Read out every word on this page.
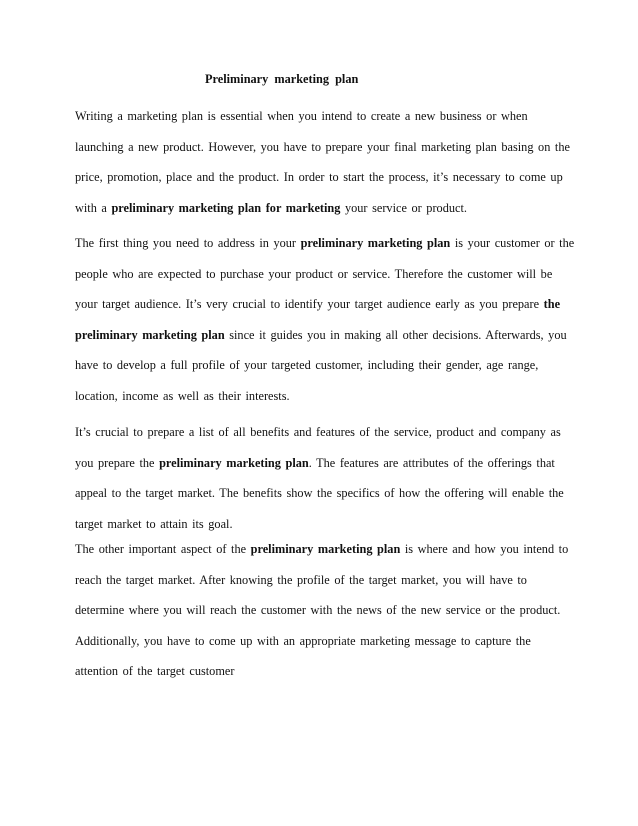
Preliminary marketing plan
Writing a marketing plan is essential when you intend to create a new business or when
launching a new product. However, you have to prepare your final marketing plan basing on the
price, promotion, place and the product. In order to start the process, it’s necessary to come up
with a preliminary marketing plan for marketing your service or product.
The first thing you need to address in your preliminary marketing plan is your customer or the
people who are expected to purchase your product or service. Therefore the customer will be
your target audience. It’s very crucial to identify your target audience early as you prepare the
preliminary marketing plan since it guides you in making all other decisions. Afterwards, you
have to develop a full profile of your targeted customer, including their gender, age range,
location, income as well as their interests.
It’s crucial to prepare a list of all benefits and features of the service, product and company as
you prepare the preliminary marketing plan. The features are attributes of the offerings that
appeal to the target market. The benefits show the specifics of how the offering will enable the
target market to attain its goal.
The other important aspect of the preliminary marketing plan is where and how you intend to
reach the target market. After knowing the profile of the target market, you will have to
determine where you will reach the customer with the news of the new service or the product.
Additionally, you have to come up with an appropriate marketing message to capture the
attention of the target customer
